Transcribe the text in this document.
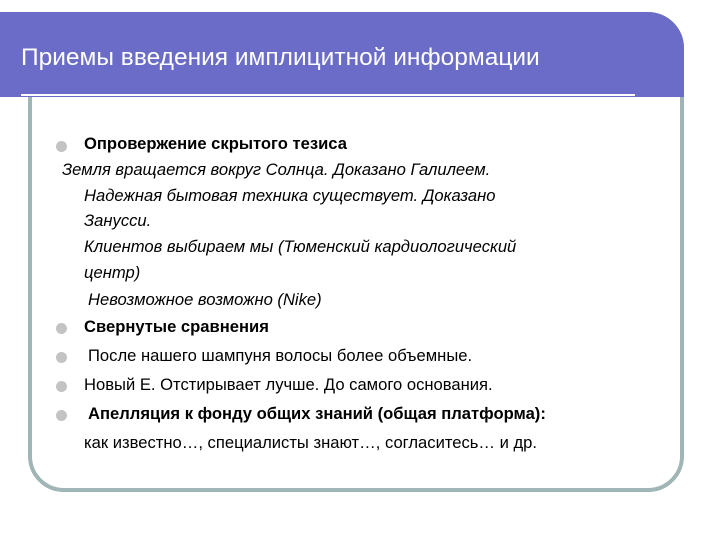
Приемы введения имплицитной информации
Опровержение скрытого тезиса
Земля вращается вокруг Солнца. Доказано Галилеем.
Надежная бытовая техника существует. Доказано
Занусси.
Клиентов выбираем мы (Тюменский кардиологический
центр)
Невозможное возможно (Nike)
Свернутые сравнения
После нашего шампуня волосы более объемные.
Новый Е. Отстирывает лучше. До самого основания.
Апелляция к фонду общих знаний (общая платформа):
как известно…, специалисты знают…, согласитесь… и др.
